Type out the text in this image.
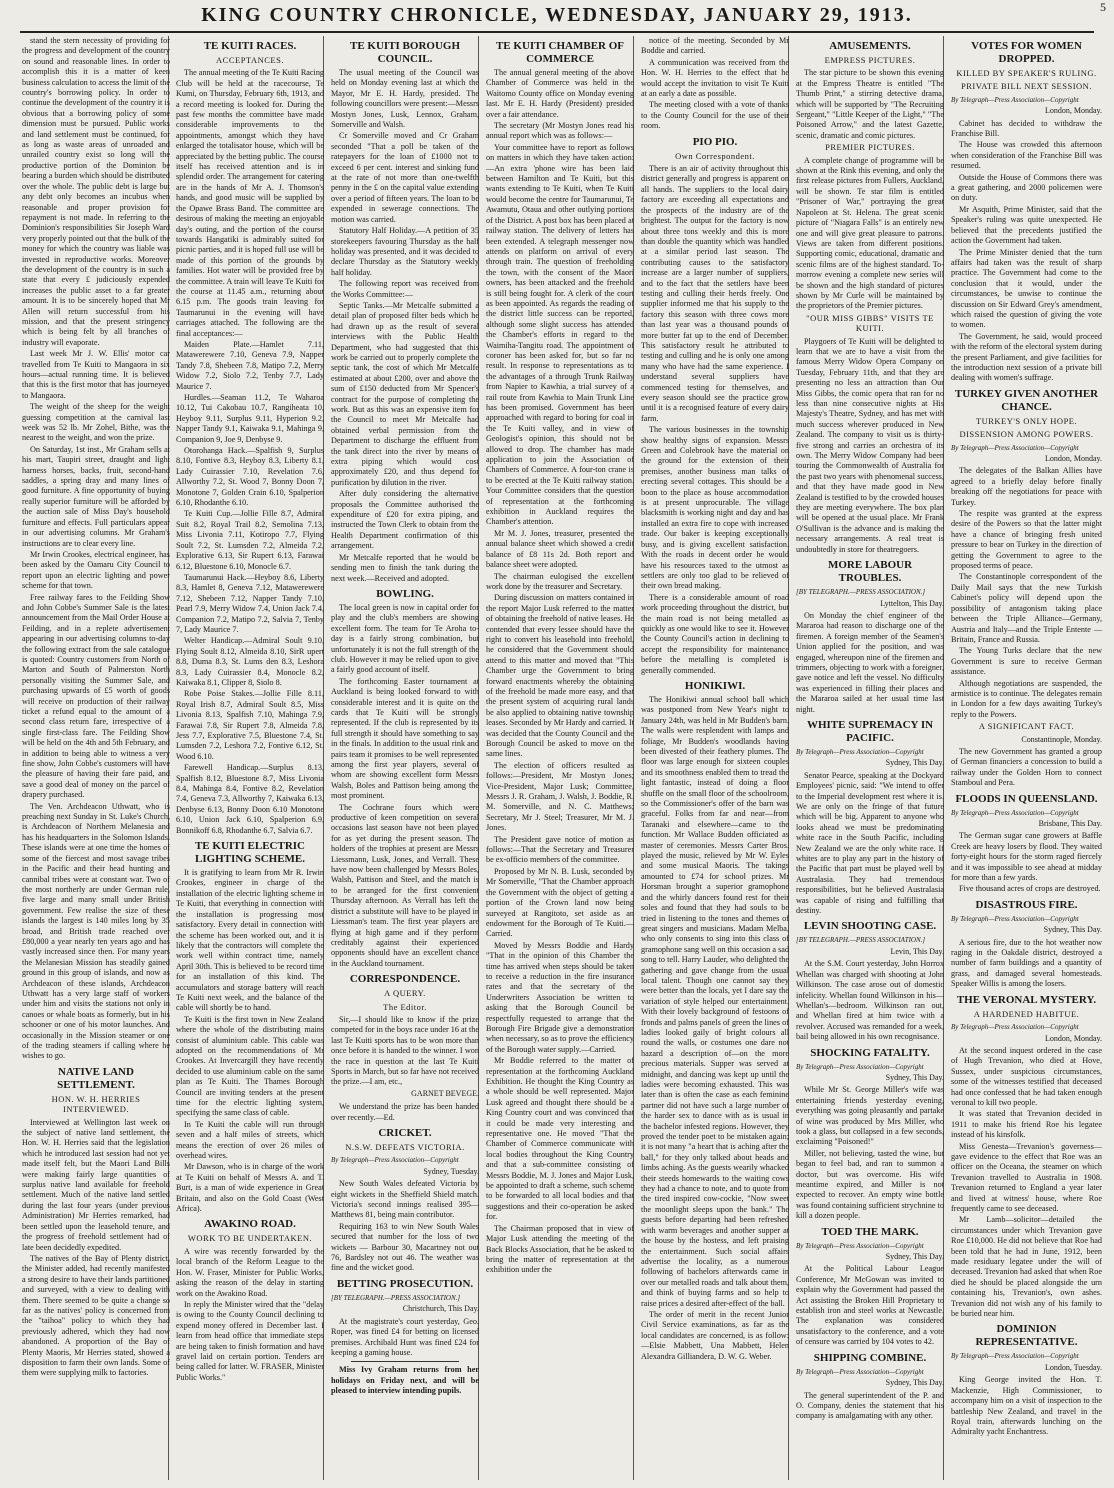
KING COUNTRY CHRONICLE, WEDNESDAY, JANUARY 29, 1913.	5
stand the stern necessity of providing for the progress and development of the country on sound and reasonable lines. In order to accomplish this it is a matter of keen business calculation to access the limit of the country's borrowing policy. In order to continue the development of the country it is obvious that a borrowing policy of some dimension must be pursued. Public works and land settlement must be continued, for as long as waste areas of unroaded and unrailed country exist so long will the productive portion of the Dominion be bearing a burden which should be distributed over the whole. The public debt is large but any debt only becomes an incubus when reasonable and proper provision for repayment is not made. In referring to the Dominion's responsibilities Sir Joseph Ward very properly pointed out that the bulk of the money for which the country was liable was invested in reproductive works. Moreover the development of the country is in such a state that every £ judiciously expended increases the public asset to a far greater amount. It is to be sincerely hoped that Mr Allen will return successful from his mission, and that the present stringency which is being felt by all branches of industry will evaporate.
Last week Mr J. W. Ellis' motor car travelled from Te Kuiti to Mangaora in six hours—actual running time. It is believed that this is the first motor that has journeyed to Mangaora.
The weight of the sheep for the weight guessing competition at the carnival last week was 52 lb. Mr Zohel, Bithe, was the nearest to the weight, and won the prize.
On Saturday, 1st inst., Mr Graham sells at his mart, Taupiri street, draught and light harness horses, backs, fruit, second-hand saddles, a spring dray and many lines of good furniture. A fine opportunity of buying really superior furniture will be afforded by the auction sale of Miss Day's household furniture and effects. Full particulars appear in our advertising columns. Mr Graham's instructions are to clear every line.
Mr Irwin Crookes, electrical engineer, has been asked by the Oamaru City Council to report upon an electric lighting and power scheme for that town.
Free railway fares to the Feilding Show and John Cobbe's Summer Sale is the latest announcement from the Mail Order House at Feilding, and in a replete advertisement appearing in our advertising columns to-day the following extract from the sale catalogue is quoted: Country customers from North of Marton and South of Palmerston North personally visiting the Summer Sale, and purchasing upwards of £5 worth of goods will receive on production of their railway ticket a refund equal to the amount of a second class return fare, irrespective of a single first-class fare. The Feilding Show will be held on the 4th and 5th February, and in addition to being able to witness a very fine show, John Cobbe's customers will have the pleasure of having their fare paid, and save a good deal of money on the parcel of drapery purchased.
The Ven. Archdeacon Uthwatt, who is preaching next Sunday in St. Luke's Church, is Archdeacon of Northern Melanesia and has his headquarters in the Solomon Islands. These islands were at one time the homes of some of the fiercest and most savage tribes in the Pacific and their head hunting and cannibal tribes were at constant war. Two of the most northerly are under German rule, five large and many small under British government. Few realise the size of these islands the largest is 140 miles long by 35 broad, and British trade reached over £80,000 a year nearly ten years ago and has vastly increased since then. For many years the Melanesian Mission has steadily gained ground in this group of islands, and now as Archdeacon of these islands, Archdeacon Uthwatt has a very large staff of workers under him and visits the stations not only in canoes or whale boats as formerly, but in his schooner or one of his motor launches. And occasionally in the Mission steamer or one of the trading steamers if calling where he wishes to go.
NATIVE LAND SETTLEMENT.
HON. W. H. HERRIES INTERVIEWED.
Interviewed at Wellington last week on the subject of native land settlement, the Hon. W. H. Herries said that the legislation which he introduced last session had not yet made itself felt, but the Maori Land Bills were making fairly large quantities of surplus native land available for freehold settlement. Much of the native land settled during the last four years (under previous Administration) Mr Herries remarked, had been settled upon the leasehold tenure, and the progress of freehold settlement had of late been decidedly expedited.
The natives of the Bay of Plenty district, the Minister added, had recently manifested a strong desire to have their lands partitioned and surveyed, with a view to dealing with them. There seemed to be quite a change so far as the natives' policy is concerned from the "taihoa" policy to which they had previously adhered, which they had now abandoned. A proportion of the Bay of Plenty Maoris, Mr Herries stated, showed a disposition to farm their own lands. Some of them were supplying milk to factories.
TE KUITI RACES.
ACCEPTANCES.
The annual meeting of the Te Kuiti Racing Club will be held at the racecourse, Te Kumi, on Thursday, February 6th, 1913, and a record meeting is looked for. During the past few months the committee have made considerable improvements to the appointments, amongst which they have enlarged the totalisator house, which will be appreciated by the betting public. The course itself has received attention and is in splendid order. The arrangement for catering are in the hands of Mr A. J. Thomson's hands, and good music will be supplied by the Opawe Brass Band. The committee are desirous of making the meeting an enjoyable day's outing, and the portion of the course towards Hangatiki is admirably suited for picnic parties, and it is hoped full use will be made of this portion of the grounds by families. Hot water will be provided free by the committee. A train will leave Te Kuiti for the course at 11.45 a.m., returning about 6.15 p.m. The goods train leaving for Taumarunui in the evening will have carriages attached. The following are the final acceptances:—
Maiden Plate.—Hamlet 7.11, Matawerewere 7.10, Geneva 7.9, Napper Tandy 7.8, Shebeen 7.8, Matipo 7.2, Merry Widow 7.2, Siolo 7.2, Tenby 7.7, Lady Maurice 7.
Hurdles.—Seaman 11.2, Te Waharoa 10.12, Tui Cakobau 10.7, Rangiheata 10, Heyboy 9.11, Surplus 9.11, Hyperion 9.2, Napper Tandy 9.1, Kaiwaka 9.1, Mahinga 9, Companion 9, Joe 9, Denbyse 9.
Otorohanga Hack.—Spalfish 9, Surplus 8.10, Fontive 8.3, Heyboy 8.3, Liberty 8.1, Lady Cuirassier 7.10, Revelation 7.6, Allworthy 7.2, St. Wood 7, Bonny Doon 7, Monotone 7, Golden Crain 6.10, Spalperion 6.10, Rhodanthe 6.10.
Te Kuiti Cup.—Jollie Fille 8.7, Admiral Suit 8.2, Royal Trail 8.2, Semolina 7.13, Miss Livonia 7.11, Kotiropo 7.7, Flying Soult 7.2, St. Lumsden 7.2, Almeida 7.2, Explorative 6.13, Sir Rupert 6.13, Farawai 6.12, Bluestone 6.10, Monocle 6.7.
Taumarunui Hack.—Heyboy 8.6, Liberty 8.3, Hamlet 8, Geneva 7.12, Matawerewere 7.12, Shebeen 7.12, Napper Tandy 7.10, Pearl 7.9, Merry Widow 7.4, Union Jack 7.4, Companion 7.2, Matipo 7.2, Salvia 7, Tenby 7, Lady Maurice 7.
Welter Handicap.—Admiral Soult 9.10, Flying Soult 8.12, Almeida 8.10, SirR upert 8.8, Duma 8.3, St. Lums den 8.3, Leshora 8.3, Lady Cuirassier 8.4, Monocle 8.2, Kaiwaka 8.1, Clipper 8, Siolo 8.
Robe Poise Stakes.—Jollie Fille 8.11, Royal Irish 8.7, Admiral Soult 8.5, Miss Livonia 8.13, Spalfish 7.10, Mahinga 7.9, Farawai 7.8, Sir Rupert 7.8, Almeida 7.8, Jess 7.7, Explorative 7.5, Bluestone 7.4, St. Lumsden 7.2, Leshora 7.2, Fontive 6.12, St. Wood 6.10.
Farewell Handicap.—Surplus 8.13, Spalfish 8.12, Bluestone 8.7, Miss Livonia 8.4, Mahinga 8.4, Fontive 8.2, Revelation 7.4, Geneva 7.3, Allworthy 7, Kaiwaka 6.13, Denbyse 6.13, Bonny Doon 6.10 Monotone 6.10, Union Jack 6.10, Spalperion 6.9, Bonnikoff 6.8, Rhodanthe 6.7, Salvia 6.7.
TE KUITI ELECTRIC LIGHTING SCHEME.
It is gratifying to learn from Mr R. Irwin Crookes, engineer in charge of the installation of the electric lighting scheme in Te Kuiti, that everything in connection with the installation is progressing most satisfactory. Every detail in connection with the scheme has been worked out, and it is likely that the contractors will complete the work well within contract time, namely April 30th. This is believed to be record time for an installation of this kind. The accumulators and storage battery will reach Te Kuiti next week, and the balance of the cable will shortly be to hand.
Te Kuiti is the first town in New Zealand where the whole of the distributing mains consist of aluminium cable. This cable was adopted on the recommendations of Mr Crookes. At Invercargill they have recently decided to use aluminium cable on the same plan as Te Kuiti. The Thames Borough Council are inviting tenders at the present time for the electric lighting system, specifying the same class of cable.
In Te Kuiti the cable will run through seven and a half miles of streets, which means the erection of over 26 miles of overhead wires.
Mr Dawson, who is in charge of the work at Te Kuiti on behalf of Messrs A. and T. Burt, is a man of wide experience in Great Britain, and also on the Gold Coast (West Africa).
AWAKINO ROAD.
WORK TO BE UNDERTAKEN.
A wire was recently forwarded by the local branch of the Reform League to the Hon. W. Fraser, Minister for Public Works, asking the reason of the delay in starting work on the Awakino Road.
In reply the Minister wired that the "delay is owing to the County Council declining to expend money offered in December last. I learn from head office that immediate steps are being taken to finish formation and have gravel laid on certain portion. Tenders are being called for latter. W. FRASER, Minister Public Works."
TE KUITI BOROUGH COUNCIL.
The usual meeting of the Council was held on Monday evening last at which the Mayor, Mr E. H. Hardy, presided. The following councillors were present:—Messrs Mostyn Jones, Lusk, Lennox, Graham, Somerville and Walsh.
Cr Somerville moved and Cr Graham seconded "That a poll be taken of the ratepayers for the loan of £1000 not to exceed 6 per cent. interest and sinking fund at the rate of not more than one-twelfth penny in the £ on the capital value extending over a period of fifteen years. The loan to be expended in sewerage connections. The motion was carried.
Statutory Half Holiday.—A petition of 35 storekeepers favouring Thursday as the half holiday was presented, and it was decided to declare Thursday as the Statutory weekly half holiday.
The following report was received from the Works Committee:—
Septic Tanks.—Mr Metcalfe submitted a detail plan of proposed filter beds which he had drawn up as the result of several interviews with the Public Health Department, who had suggested that this work be carried out to properly complete the septic tank, the cost of which Mr Metcalfe estimated at about £200, over and above the sum of £150 deducted from Mr Spencer's contract for the purpose of completing the work. But as this was an expensive item for the Council to meet Mr Metcalfe had obtained verbal permission from the Department to discharge the effluent from the tank direct into the river by means of extra piping which would cost approximately £20, and thus depend for purification by dilution in the river.
After duly considering the alternative proposals the Committee authorised the expenditure of £20 for extra piping, and instructed the Town Clerk to obtain from the Health Department confirmation of this arrangement.
Mr Metcalfe reported that he would be sending men to finish the tank during the next week.—Received and adopted.
BOWLING.
The local green is now in capital order for play and the club's members are showing excellent form. The team for Te Aroha to-day is a fairly strong combination, but unfortunately it is not the full strength of the club. However it may be relied upon to give a fairly good account of itself.
The forthcoming Easter tournament at Auckland is being looked forward to with considerable interest and it is quite on the cards that Te Kuiti will be strongly represented. If the club is represented by its full strength it should have something to say in the finals. In addition to the usual rink and pairs team it promises to be well represented among the first year players, several of whom are showing excellent form Messrs Walsh, Boles and Pattison being among the most prominent.
The Cochrane fours which were productive of keen competition on several occasions last season have not been played for as yet during the present season. The holders of the trophies at present are Messrs Liessmann, Lusk, Jones, and Verrall. These have now been challenged by Messrs Boles, Walsh, Pattison and Steel, and the match is to be arranged for the first convenient Thursday afternoon. As Verrall has left the district a substitute will have to be played in Liessman's team. The first year players are flying at high game and if they perform creditably against their experienced opponents should have an excellent chance in the Auckland tournament.
CORRESPONDENCE.
A QUERY.
The Editor.
Sir,—I should like to know if the prize competed for in the boys race under 16 at the last Te Kuiti sports has to be won more than once before it is handed to the winner. I won the race in question at the last Te Kuiti Sports in March, but so far have not received the prize.—I am, etc.,
GARNET BEVEGE.
We understand the prize has been handed over recently.—Ed.
CRICKET.
N.S.W. DEFEATS VICTORIA.
By Telegraph—Press Association—Copyright
Sydney, Tuesday.
New South Wales defeated Victoria by eight wickets in the Sheffield Shield match. Victoria's second innings realised 395—Matthews 81, being main contributor.
Requiring 163 to win New South Wales secured that number for the loss of two wickets — Barbour 30, Macartney not out 76, Bardsley not out 46. The weather was fine and the wicket good.
BETTING PROSECUTION.
[BY TELEGRAPH.—PRESS ASSOCIATION.]
Christchurch, This Day.
At the magistrate's court yesterday, Geo. Roper, was fined £4 for betting on licensed premises. Archibald Hunt was fined £24 for keeping a gaming house.
Miss Ivy Graham returns from her holidays on Friday next, and will be pleased to interview intending pupils.
TE KUITI CHAMBER OF COMMERCE
The annual general meeting of the above Chamber of Commerce was held in the Waitomo County office on Monday evening last. Mr E. H. Hardy (President) presided over a fair attendance.
The secretary (Mr Mostyn Jones read his annual report which was as follows:—
Your committee have to report as follows on matters in which they have taken action:—An extra 'phone wire has been laid between Hamilton and Te Kuiti, but this wants extending to Te Kuiti, when Te Kuiti would become the centre for Taumarunui, Te Awamutu, Otaua and other outlying portions of the District. A post box has been placed at railway station. The delivery of letters has been extended. A telegraph messenger now attends on platform on arrival of every through train. The question of freeholding the town, with the consent of the Maori owners, has been attacked and the freehold is still being fought for. A clerk of the court as been appointed. As regards the reading of the district little success can be reported, although some slight success has attended the Chamber's efforts in regard to the Waimiha-Tangitu road. The appointment of coroner has been asked for, but so far no result. In response to representations as to the advantages of a through Trunk Railway from Napier to Kawhia, a trial survey of a rail route from Kawhia to Main Trunk Line has been promised. Government has been approached with regard to boring for coal in the Te Kuiti valley, and in view of Geologist's opinion, this should not be allowed to drop. The chamber has made application to join the Association of Chambers of Commerce. A four-ton crane is to be erected at the Te Kuiti railway station. Your Committee considers that the question of representation at the forthcoming exhibition in Auckland requires the Chamber's attention.
Mr M. J. Jones, treasurer, presented the annual balance sheet which showed a credit balance of £8 11s 2d. Both report and balance sheet were adopted.
The chairman eulogised the excellent work done by the treasurer and Secretary.
During discussion on matters contained in the report Major Lusk referred to the matter of obtaining the freehold of native leases. He contended that every lessee should have the right to convert his leasehold into freehold, he considered that the Government should attend to this matter and moved that "This Chamber urge the Government to bring forward enactments whereby the obtaining of the freehold be made more easy, and that the present system of acquiring rural lands be also applied to obtaining native township leases. Seconded by Mr Hardy and carried. It was decided that the County Council and the Borough Council be asked to move on the same lines.
The election of officers resulted as follows:—President, Mr Mostyn Jones; Vice-President, Major Lusk; Committee, Messrs J. R. Graham, J. Walsh, J. Boddie, R. M. Somerville, and N. C. Matthews; Secretary, Mr J. Steel; Treasurer, Mr M. J. Jones.
The President gave notice of motion as follows:—That the Secretary and Treasurer be ex-officio members of the committee.
Proposed by Mr N. B. Lusk, seconded by Mr Somerville, "That the Chamber approach the Government with the object of getting a portion of the Crown land now being surveyed at Rangitoto, set aside as an endowment for the Borough of Te Kuiti.—Carried.
Moved by Messrs Boddie and Hardy "That in the opinion of this Chamber the time has arrived when steps should be taken to receive a reduction in the fire insurance rates and that the secretary of the Underwriters Association be written to asking that the Borough Council be respectfully requested to arrange that the Borough Fire Brigade give a demonstration when necessary, so as to prove the efficiency of the Borough water supply.—Carried.
Mr Boddie referred to the matter of representation at the forthcoming Auckland Exhibition. He thought the King Country as a whole should be well represented. Major Lusk agreed and thought there should be a King Country court and was convinced that it could be made very interesting and representative one. He moved "That the Chamber of Commerce communicate with local bodies throughout the King Country and that a sub-committee consisting of Messrs Boddie, M. J. Jones and Major Lusk, be appointed to draft a scheme, such scheme to be forwarded to all local bodies and that suggestions and their co-operation be asked for.
The Chairman proposed that in view of Major Lusk attending the meeting of the Back Blocks Association, that he be asked to bring the matter of representation at the exhibition under the
notice of the meeting. Seconded by Mr Boddie and carried.
A communication was received from the Hon. W. H. Herries to the effect that he would accept the invitation to visit Te Kuiti at an early a date as possible.
The meeting closed with a vote of thanks to the County Council for the use of their room.
PIO PIO.
Own Correspondent.
There is an air of activity throughout this district generally and progress is apparent on all hands. The suppliers to the local dairy factory are exceeding all expectations and the prospects of the industry are of the brightest. The output for the factory is now about three tons weekly and this is more than double the quantity which was handled at a similar period last season. The contributing causes to the satisfactory increase are a larger number of suppliers, and to the fact that the settlers have been testing and culling their herds freely. One supplier informed me that his supply to the factory this season with three cows more than last year was a thousand pounds of more butter fat up to the end of December. This satisfactory result he attributed to testing and culling and he is only one among many who have had the same experience. I understand several suppliers have commenced testing for themselves, and every season should see the practice grow until it is a recognised feature of every dairy farm.
The various businesses in the township show healthy signs of expansion. Messrs Green and Colebrook have the material on the ground for the extension of their premises, another business man talks of erecting several cottages. This should be a boon to the place as house accommodation is at present unprocurable. The village blacksmith is working night and day and has installed an extra fire to cope with increased trade. Our baker is keeping exceptionally busy, and is giving excellent satisfaction. With the roads in decent order he would have his resources taxed to the utmost as settlers are only too glad to be relieved of their own bread making.
There is a considerable amount of road work proceeding throughout the district, but the main road is not being metalled as quickly as one would like to see it. However the County Council's action in declining to accept the responsibility for maintenance before the metalling is completed is generally commended.
HONIKIWI.
The Honikiwi annual school ball which was postponed from New Year's night to January 24th, was held in Mr Budden's barn. The walls were resplendent with lamps and foliage, Mr Budden's woodlands having been divested of their feathery plumes. The floor was large enough for sixteen couples and its smoothness enabled them to tread the light fantastic, instead of doing a floor shuffle on the small floor of the schoolroom, so the Commissioner's offer of the barn was graceful. Folks from far and near—from Taranaki and elsewhere—came to the function. Mr Wallace Budden officiated as master of ceremonies. Messrs Carter Bros. played the music, relieved by Mr W. Eyles and some musical Maoris. The takings amounted to £74 for school prizes. Mr Horsman brought a superior gramophone and the whirly dancers found rest for their soles and found that they had souls to be tried in listening to the tones and themes of great singers and musicians. Madam Melba, who only consents to sing into this class of gramophone sang well on this occasion a sad song to tell. Harry Lauder, who delighted the gathering and gave change from the usual local talent. Though one cannot say they were better than the locals, yet I dare say the variation of style helped our entertainment. With their lovely background of festoons of fronds and palms panels of green the lines of ladies looked gaily of bright colours all round the walls, or costumes one dare not hazard a description of—on the more precious materials. Supper was served at midnight, and dancing was kept up until the ladies were becoming exhausted. This was later than is often the case as each feminine partner did not have such a large number of the harder sex to dance with as is usual in the bachelor infested regions. However, they proved the tender poet to be mistaken again; it is not many "a heart that is aching after the ball," for they only talked about heads and limbs aching. As the guests wearily whacked their steeds homewards to the waiting cows they had a chance to note, and to quote from the tired inspired cow-cockie, "Now sweet the moonlight sleeps upon the bank." The guests before departing had been refreshed with warm beverages and another supper at the house by the hostess, and left praising the entertainment. Such social affairs advertise the locality, as a numerous following of bachelors afterwards came in over our metalled roads and talk about them, and think of buying farms and so help to raise prices a desired after-effect of the ball.
The order of merit in the recent Junior Civil Service examinations, as far as the local candidates are concerned, is as follow:—Elsie Mabbett, Una Mabbett, Helen Alexandra Gilliandera, D. W. G. Weber.
AMUSEMENTS.
EMPRESS PICTURES.
The star picture to be shown this evening at the Empress Theatre is entitled "The Thumb Print," a stirring detective drama, which will be supported by "The Recruiting Sergeant," "Little Keeper of the Light," "The Poisoned Arrow," and the latest Gazette, scenic, dramatic and comic pictures.
PREMIER PICTURES.
A complete change of programme will be shown at the Rink this evening, and only the first release pictures from Fullers, Auckland, will be shown. Te star film is entitled "Prisoner of War," portraying the great Napoleon at St. Helena. The great scenic picture of "Niagara Falls" is an entirely new one and will give great pleasure to patrons. Views are taken from different positions. Supporting comic, educational, dramatic and scenic films are of the highest standard. To-morrow evening a complete new series will be shown and the high standard of pictures shown by Mr Curle will be maintained by the proprietors of the Premier pictures.
"OUR MISS GIBBS" VISITS TE KUITI.
Playgoers of Te Kuiti will be delighted to learn that we are to have a visit from the famous Merry Widow Opera Company on Tuesday, February 11th, and that they are presenting no less an attraction than Our Miss Gibbs, the comic opera that ran for no less than nine consecutive nights at His Majesty's Theatre, Sydney, and has met with much success wherever produced in New Zealand. The company to visit us is thirty-five strong and carries an orchestra of its own. The Merry Widow Company had been touring the Commonwealth of Australia for the past two years with phenomenal success, and that they have made good in New Zealand is testified to by the crowded houses they are meeting everywhere. The box plan will be opened at the usual place. Mr Frank O'Sullivan is the advance and is making the necessary arrangements. A real treat is undoubtedly in store for theatregoers.
MORE LABOUR TROUBLES.
[BY TELEGRAPH.—PRESS ASSOCIATION.]
Lyttelton, This Day.
On Monday the chief engineer of the Mararoa had reason to discharge one of the firemen. A foreign member of the Seamen's Union applied for the position, and was engaged, whereupon nine of the firemen and trimmers, objecting to work with a foreigner, gave notice and left the vessel. No difficulty was experienced in filling their places and the Mararoa sailed at her usual time last night.
WHITE SUPREMACY IN PACIFIC.
By Telegraph—Press Association—Copyright
Sydney, This Day.
Senator Pearce, speaking at the Dockyard Employees' picnic, said: "We intend to offer to the Imperial development rest where it is. We are only on the fringe of that future which will be big. Apparent to anyone who looks ahead we must be predominating white race in the South Pacific, including New Zealand we are the only white race. If whites are to play any part in the history of the Pacific that part must be played well by Australasia. They had tremendous responsibilities, but he believed Australasia was capable of rising and fulfilling that destiny.
LEVIN SHOOTING CASE.
[BY TELEGRAPH.—PRESS ASSOCIATION.]
Levin, This Day.
At the S.M. Court yesterday, John Horrox Whellan was charged with shooting at John Wilkinson. The case arose out of domestic infelicity. Whellan found Wilkinson in his—Whellan's—bedroom. Wilkinson ran out, and Whellan fired at him twice with a revolver. Accused was remanded for a week, bail being allowed in his own recognisance.
SHOCKING FATALITY.
By Telegraph—Press Association—Copyright
Sydney, This Day.
While Mr St. George Miller's wife was entertaining friends yesterday evening, everything was going pleasantly and partake of wine was produced by Mrs Miller, who took a glass, but collapsed in a few seconds, exclaiming "Poisoned!"
Miller, not believing, tasted the wine, but began to feel bad, and ran to summon a doctor, but was overcome. His wife meantime expired, and Miller is not expected to recover. An empty wine bottle was found containing sufficient strychnine to kill a dozen people.
TOED THE MARK.
By Telegraph—Press Association—Copyright
Sydney, This Day.
At the Political Labour League Conference, Mr McGowan was invited to explain why the Government had passed the Act assisting the Broken Hill Proprietary to establish iron and steel works at Newcastle. The explanation was considered unsatisfactory to the conference, and a vote of censure was carried by 104 votes to 42.
SHIPPING COMBINE.
By Telegraph—Press Association—Copyright
Sydney, This Day.
The general superintendent of the P. and O. Company, denies the statement that his company is amalgamating with any other.
VOTES FOR WOMEN DROPPED.
KILLED BY SPEAKER'S RULING.
PRIVATE BILL NEXT SESSION.
By Telegraph—Press Association—Copyright
London, Monday.
Cabinet has decided to withdraw the Franchise Bill.
The House was crowded this afternoon when consideration of the Franchise Bill was resumed.
Outside the House of Commons there was a great gathering, and 2000 policemen were on duty.
Mr Asquith, Prime Minister, said that the Speaker's ruling was quite unexpected. He believed that the precedents justified the action the Government had taken.
The Prime Minister denied that the turn affairs had taken was the result of sharp practice. The Government had come to the conclusion that it would, under the circumstances, be unwise to continue the discussion on Sir Edward Grey's amendment, which raised the question of giving the vote to women.
The Government, he said, would proceed with the reform of the electoral system during the present Parliament, and give facilities for the introduction next session of a private bill dealing with women's suffrage.
TURKEY GIVEN ANOTHER CHANCE.
TURKEY'S ONLY HOPE.
DISSENSION AMONG POWERS.
By Telegraph—Press Association—Copyright
London, Monday.
The delegates of the Balkan Allies have agreed to a briefly delay before finally breaking off the negotiations for peace with Turkey.
The respite was granted at the express desire of the Powers so that the latter might have a chance of bringing fresh united pressure to bear on Turkey in the direction of getting the Government to agree to the proposed terms of peace.
The Constantinople correspondent of the Daily Mail says that the new Turkish Cabinet's policy will depend upon the possibility of antagonism taking place between the Triple Alliance—Germany, Austria and Italy—and the Triple Entente — Britain, France and Russia.
The Young Turks declare that the new Government is sure to receive German assistance.
Although negotiations are suspended, the armistice is to continue. The delegates remain in London for a few days awaiting Turkey's reply to the Powers.
A SIGNIFICANT FACT.
Constantinople, Monday.
The new Government has granted a group of German financiers a concession to build a railway under the Golden Horn to connect Stamboul and Pera.
FLOODS IN QUEENSLAND.
By Telegraph—Press Association—Copyright
Brisbane, This Day.
The German sugar cane growers at Baffle Creek are heavy losers by flood. They waited forty-eight hours for the storm raged fiercely and it was impossible to see ahead at midday for more than a few yards.
Five thousand acres of crops are destroyed.
DISASTROUS FIRE.
By Telegraph—Press Association—Copyright
Sydney, This Day.
A serious fire, due to the hot weather now raging in the Oakdale district, destroyed a number of farm buildings and a quantity of grass, and damaged several homesteads. Speaker Willis is among the losers.
THE VERONAL MYSTERY.
A HARDENED HABITUE.
By Telegraph—Press Association—Copyright
London, Monday.
At the second inquest ordered in the case of Hugh Trevanion, who died at Hove, Sussex, under suspicious circumstances, some of the witnesses testified that deceased had once confessed that he had taken enough veronal to kill two people.
It was stated that Trevanion decided in 1911 to make his friend Roe his legatee instead of his kinsfolk.
Miss Genesta—Trevanion's governess—gave evidence to the effect that Roe was an officer on the Oceana, the steamer on which Trevanion travelled to Australia in 1908. Trevanion returned to England a year later and lived at witness' house, where Roe frequently came to see deceased.
Mr Lamb—solicitor—detailed the circumstances under which Trevanion gave Roe £10,000. He did not believe that Roe had been told that he had in June, 1912, been made residuary legatee under the will of deceased. Trevanion had asked that when Roe died he should be placed alongside the urn containing his, Trevanion's, own ashes. Trevanion did not wish any of his family to be buried near him.
DOMINION REPRESENTATIVE.
By Telegraph—Press Association—Copyright
London, Tuesday.
King George invited the Hon. T. Mackenzie, High Commissioner, to accompany him on a visit of inspection to the battleship New Zealand, and travel in the Royal train, afterwards lunching on the Admiralty yacht Enchantress.
